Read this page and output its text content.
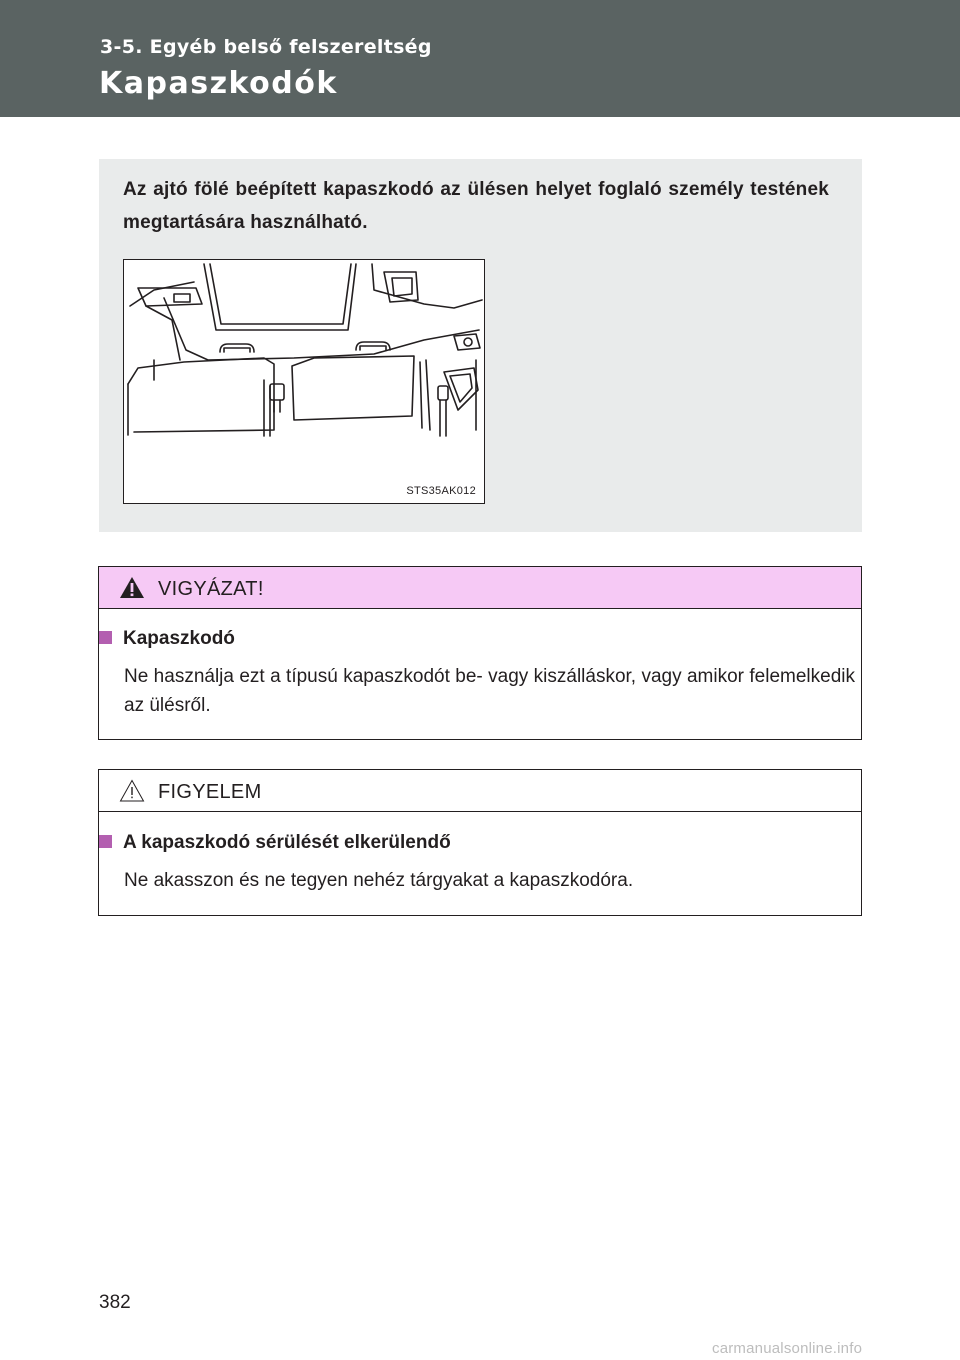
3-5. Egyéb belső felszereltség
Kapaszkodók
Az ajtó fölé beépített kapaszkodó az ülésen helyet foglaló személy testének megtartására használható.
STS35AK012
VIGYÁZAT!
Kapaszkodó
Ne használja ezt a típusú kapaszkodót be- vagy kiszálláskor, vagy amikor felemelkedik az ülésről.
FIGYELEM
A kapaszkodó sérülését elkerülendő
Ne akasszon és ne tegyen nehéz tárgyakat a kapaszkodóra.
382
carmanualsonline.info
